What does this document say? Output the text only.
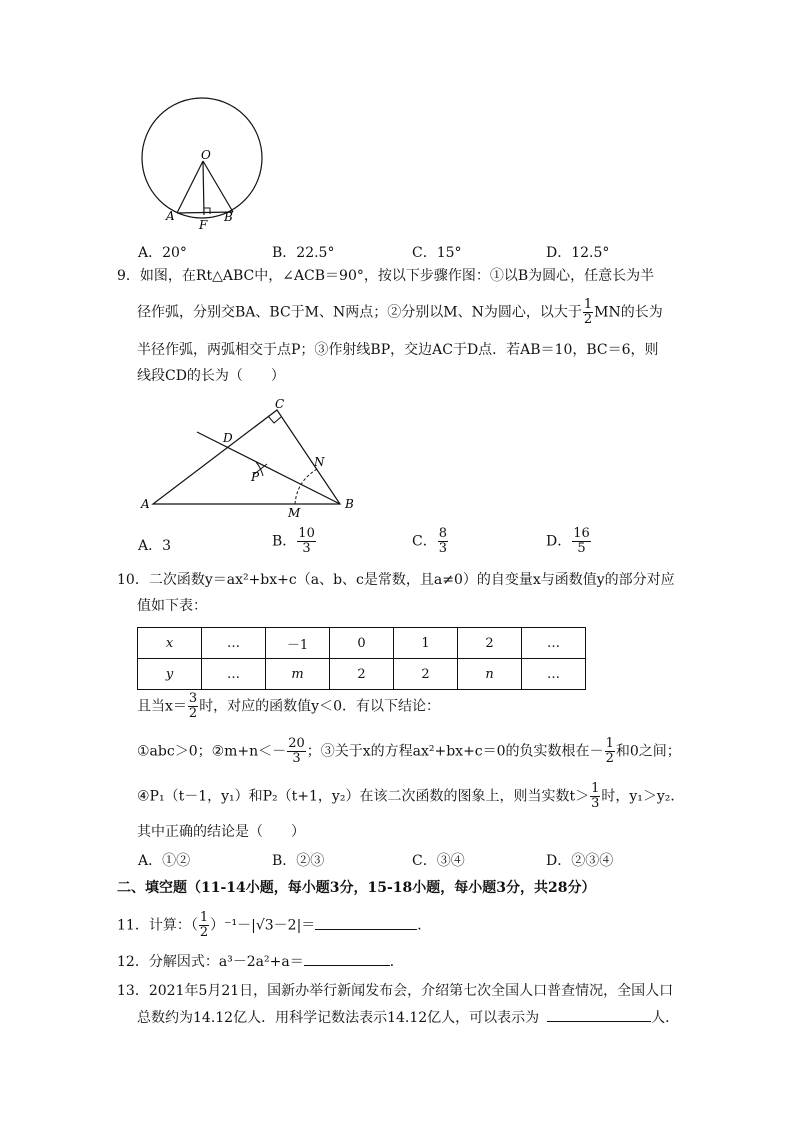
O
A	B
F
A．20°	B．22.5°	C．15°	D．12.5°
9．如图，在Rt△ABC中，∠ACB＝90°，按以下步骤作图：①以B为圆心，任意长为半
径作弧，分别交BA、BC于M、N两点；②分别以M、N为圆心，以大于 $\frac{1}{2}$ MN的长为
半径作弧，两弧相交于点P；③作射线BP，交边AC于D点．若AB＝10，BC＝6，则
线段CD的长为（　　）
C
D
N
P
A
M
B
A．3	B． $\frac{10}{3}$	C． $\frac{8}{3}$	D． $\frac{16}{5}$
10．二次函数y＝ax²+bx+c（a、b、c是常数，且a≠0）的自变量x与函数值y的部分对应
值如下表：
x	…	－1	0	1	2	…
y	…	m	2	2	n	…
且当$x= \frac{3}{2}$ 时，对应的函数值y＜0．有以下结论：
①abc＞0；②m+n＜－ $\frac{20}{3}$ ；③关于x的方程ax²+bx+c＝0的负实数根在－ $\frac{1}{2}$ 和0之间；
④P₁（t－1，y₁）和P₂（t+1，y₂）在该二次函数的图象上，则当实数$t> \frac{1}{3}$ 时，y₁＞y₂．
其中正确的结论是（　　）
A．①②	B．②③	C．③④	D．②③④
二、填空题（11-14小题，每小题3分，15-18小题，每小题3分，共28分）
11．计算：（ $\frac{1}{2} )^{-1}-|√3-2|=$	．
12．分解因式：a³－2a²+a＝	．
13．2021年5月21日，国新办举行新闻发布会，介绍第七次全国人口普查情况，全国人口
总数约为14.12亿人．用科学记数法表示14.12亿人，可以表示为	人．
